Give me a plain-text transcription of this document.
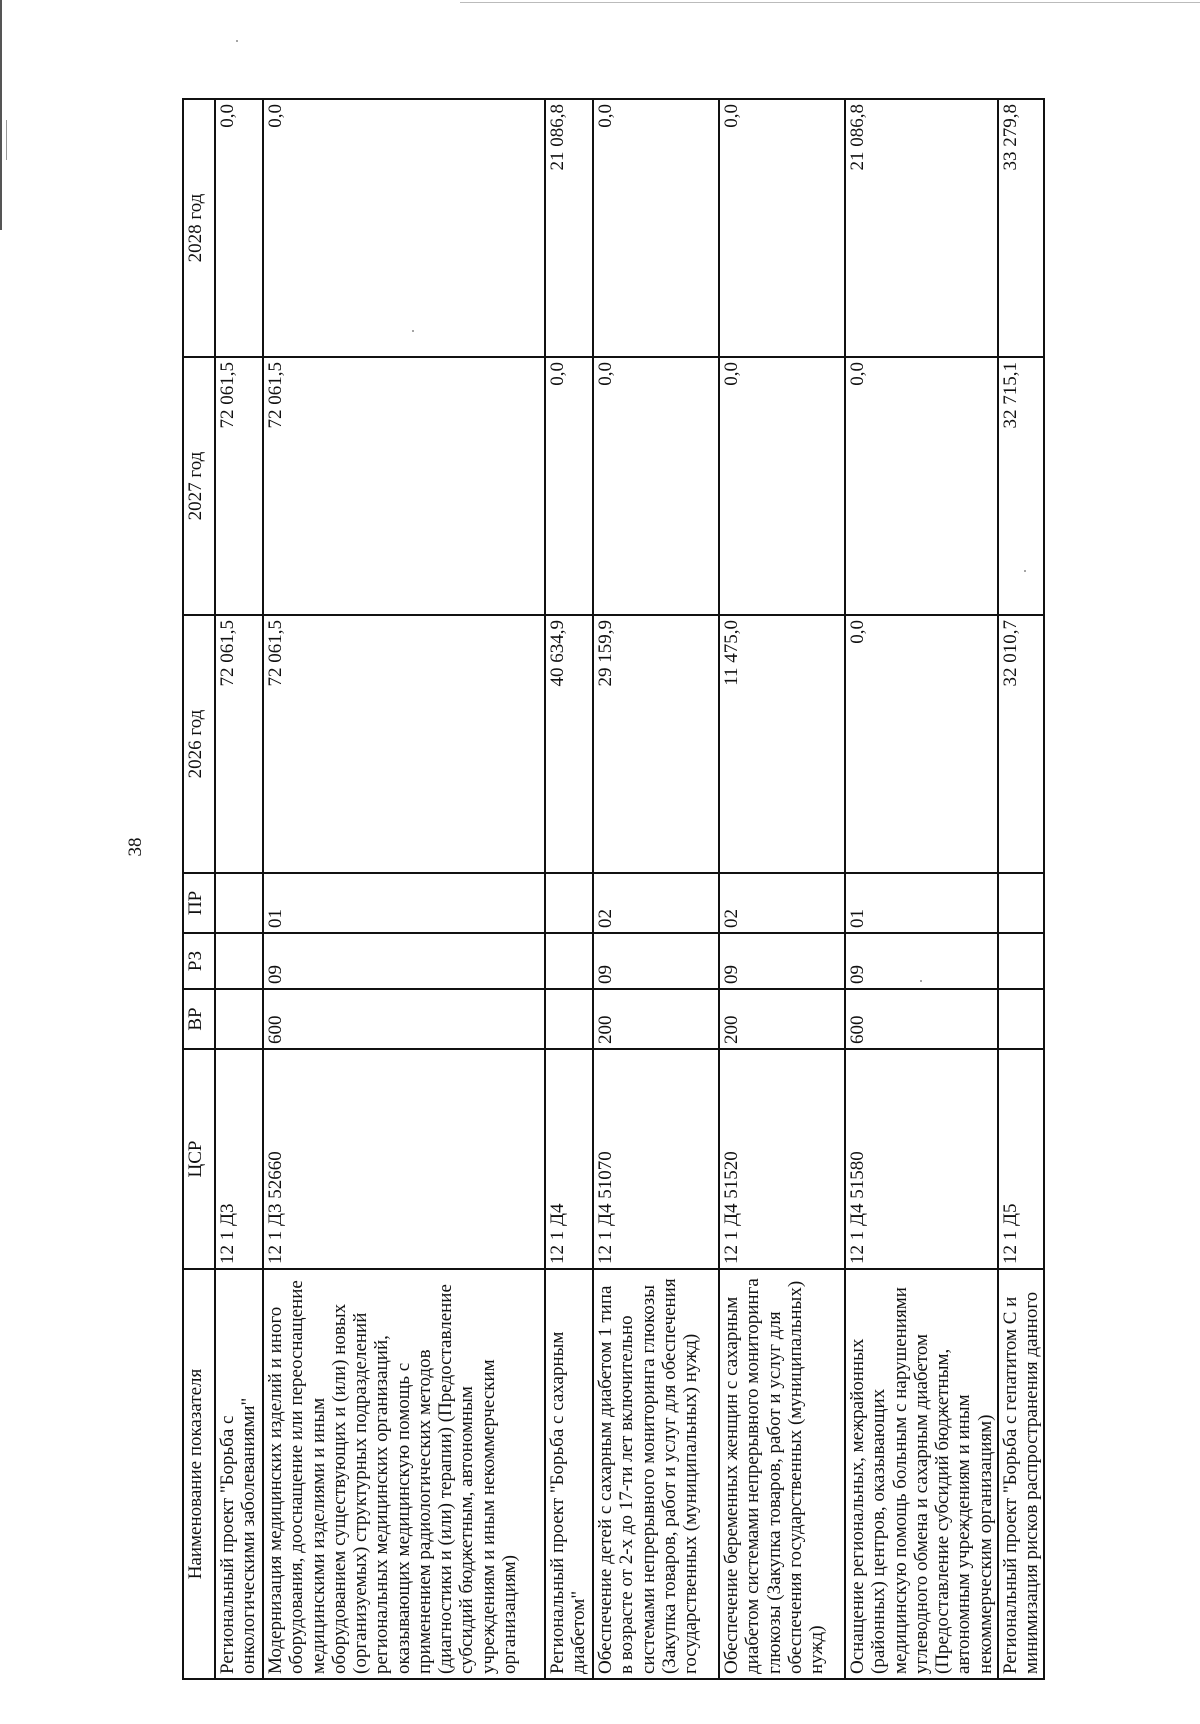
38
Наименование показателя	ЦСР	ВР	РЗ	ПР	2026 год	2027 год	2028 год
Региональный проект "Борьба с онкологическими заболеваниями"	12 1 Д3				72 061,5	72 061,5	0,0
Модернизация медицинских изделий и иного оборудования, дооснащение или переоснащение медицинскими изделиями и иным оборудованием существующих и (или) новых (организуемых) структурных подразделений региональных медицинских организаций, оказывающих медицинскую помощь с применением радиологических методов (диагностики и (или) терапии) (Предоставление субсидий бюджетным, автономным учреждениям и иным некоммерческим организациям)	12 1 Д3 52660	600	09	01	72 061,5	72 061,5	0,0
Региональный проект "Борьба с сахарным диабетом"	12 1 Д4				40 634,9	0,0	21 086,8
Обеспечение детей с сахарным диабетом 1 типа в возрасте от 2-х до 17-ти лет включительно системами непрерывного мониторинга глюкозы (Закупка товаров, работ и услуг для обеспечения государственных (муниципальных) нужд)	12 1 Д4 51070	200	09	02	29 159,9	0,0	0,0
Обеспечение беременных женщин с сахарным диабетом системами непрерывного мониторинга глюкозы (Закупка товаров, работ и услуг для обеспечения государственных (муниципальных) нужд)	12 1 Д4 51520	200	09	02	11 475,0	0,0	0,0
Оснащение региональных, межрайонных (районных) центров, оказывающих медицинскую помощь больным с нарушениями углеводного обмена и сахарным диабетом (Предоставление субсидий бюджетным, автономным учреждениям и иным некоммерческим организациям)	12 1 Д4 51580	600	09	01	0,0	0,0	21 086,8
Региональный проект "Борьба с гепатитом С и минимизация рисков распространения данного	12 1 Д5				32 010,7	32 715,1	33 279,8
